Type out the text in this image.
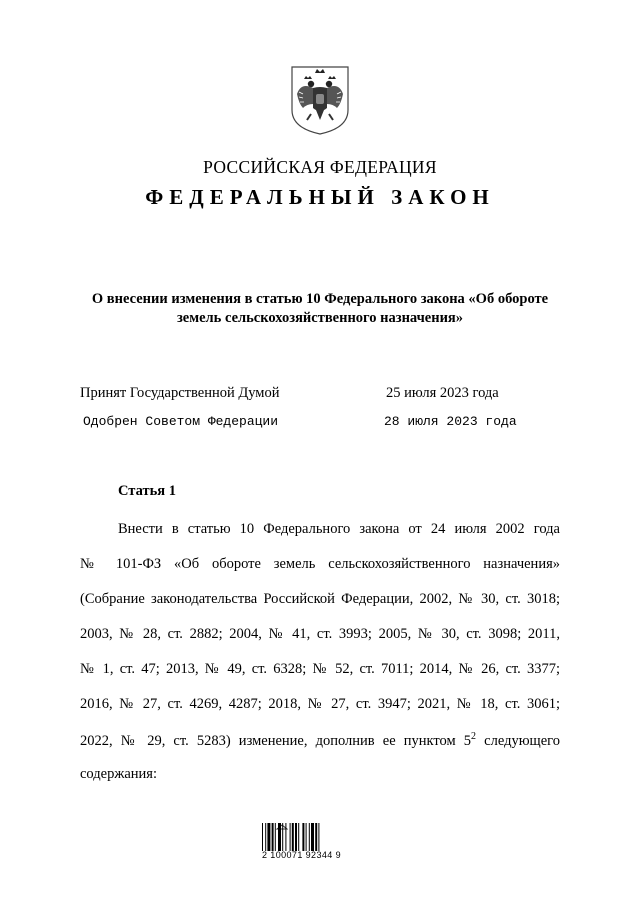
РОССИЙСКАЯ ФЕДЕРАЦИЯ
ФЕДЕРАЛЬНЫЙ ЗАКОН
О внесении изменения в статью 10 Федерального закона «Об обороте
земель сельскохозяйственного назначения»
Принят Государственной Думой	25 июля 2023 года
Одобрен Советом Федерации	28 июля 2023 года
Статья 1
Внести в статью 10 Федерального закона от 24 июля 2002 года
№ 101-ФЗ «Об обороте земель сельскохозяйственного назначения»
(Собрание законодательства Российской Федерации, 2002, № 30, ст. 3018;
2003, № 28, ст. 2882; 2004, № 41, ст. 3993; 2005, № 30, ст. 3098; 2011,
№ 1, ст. 47; 2013, № 49, ст. 6328; № 52, ст. 7011; 2014, № 26, ст. 3377;
2016, № 27, ст. 4269, 4287; 2018, № 27, ст. 3947; 2021, № 18, ст. 3061;
2022, № 29, ст. 5283) изменение, дополнив ее пунктом $5^2$ следующего
содержания:
2 100071 92344 9
